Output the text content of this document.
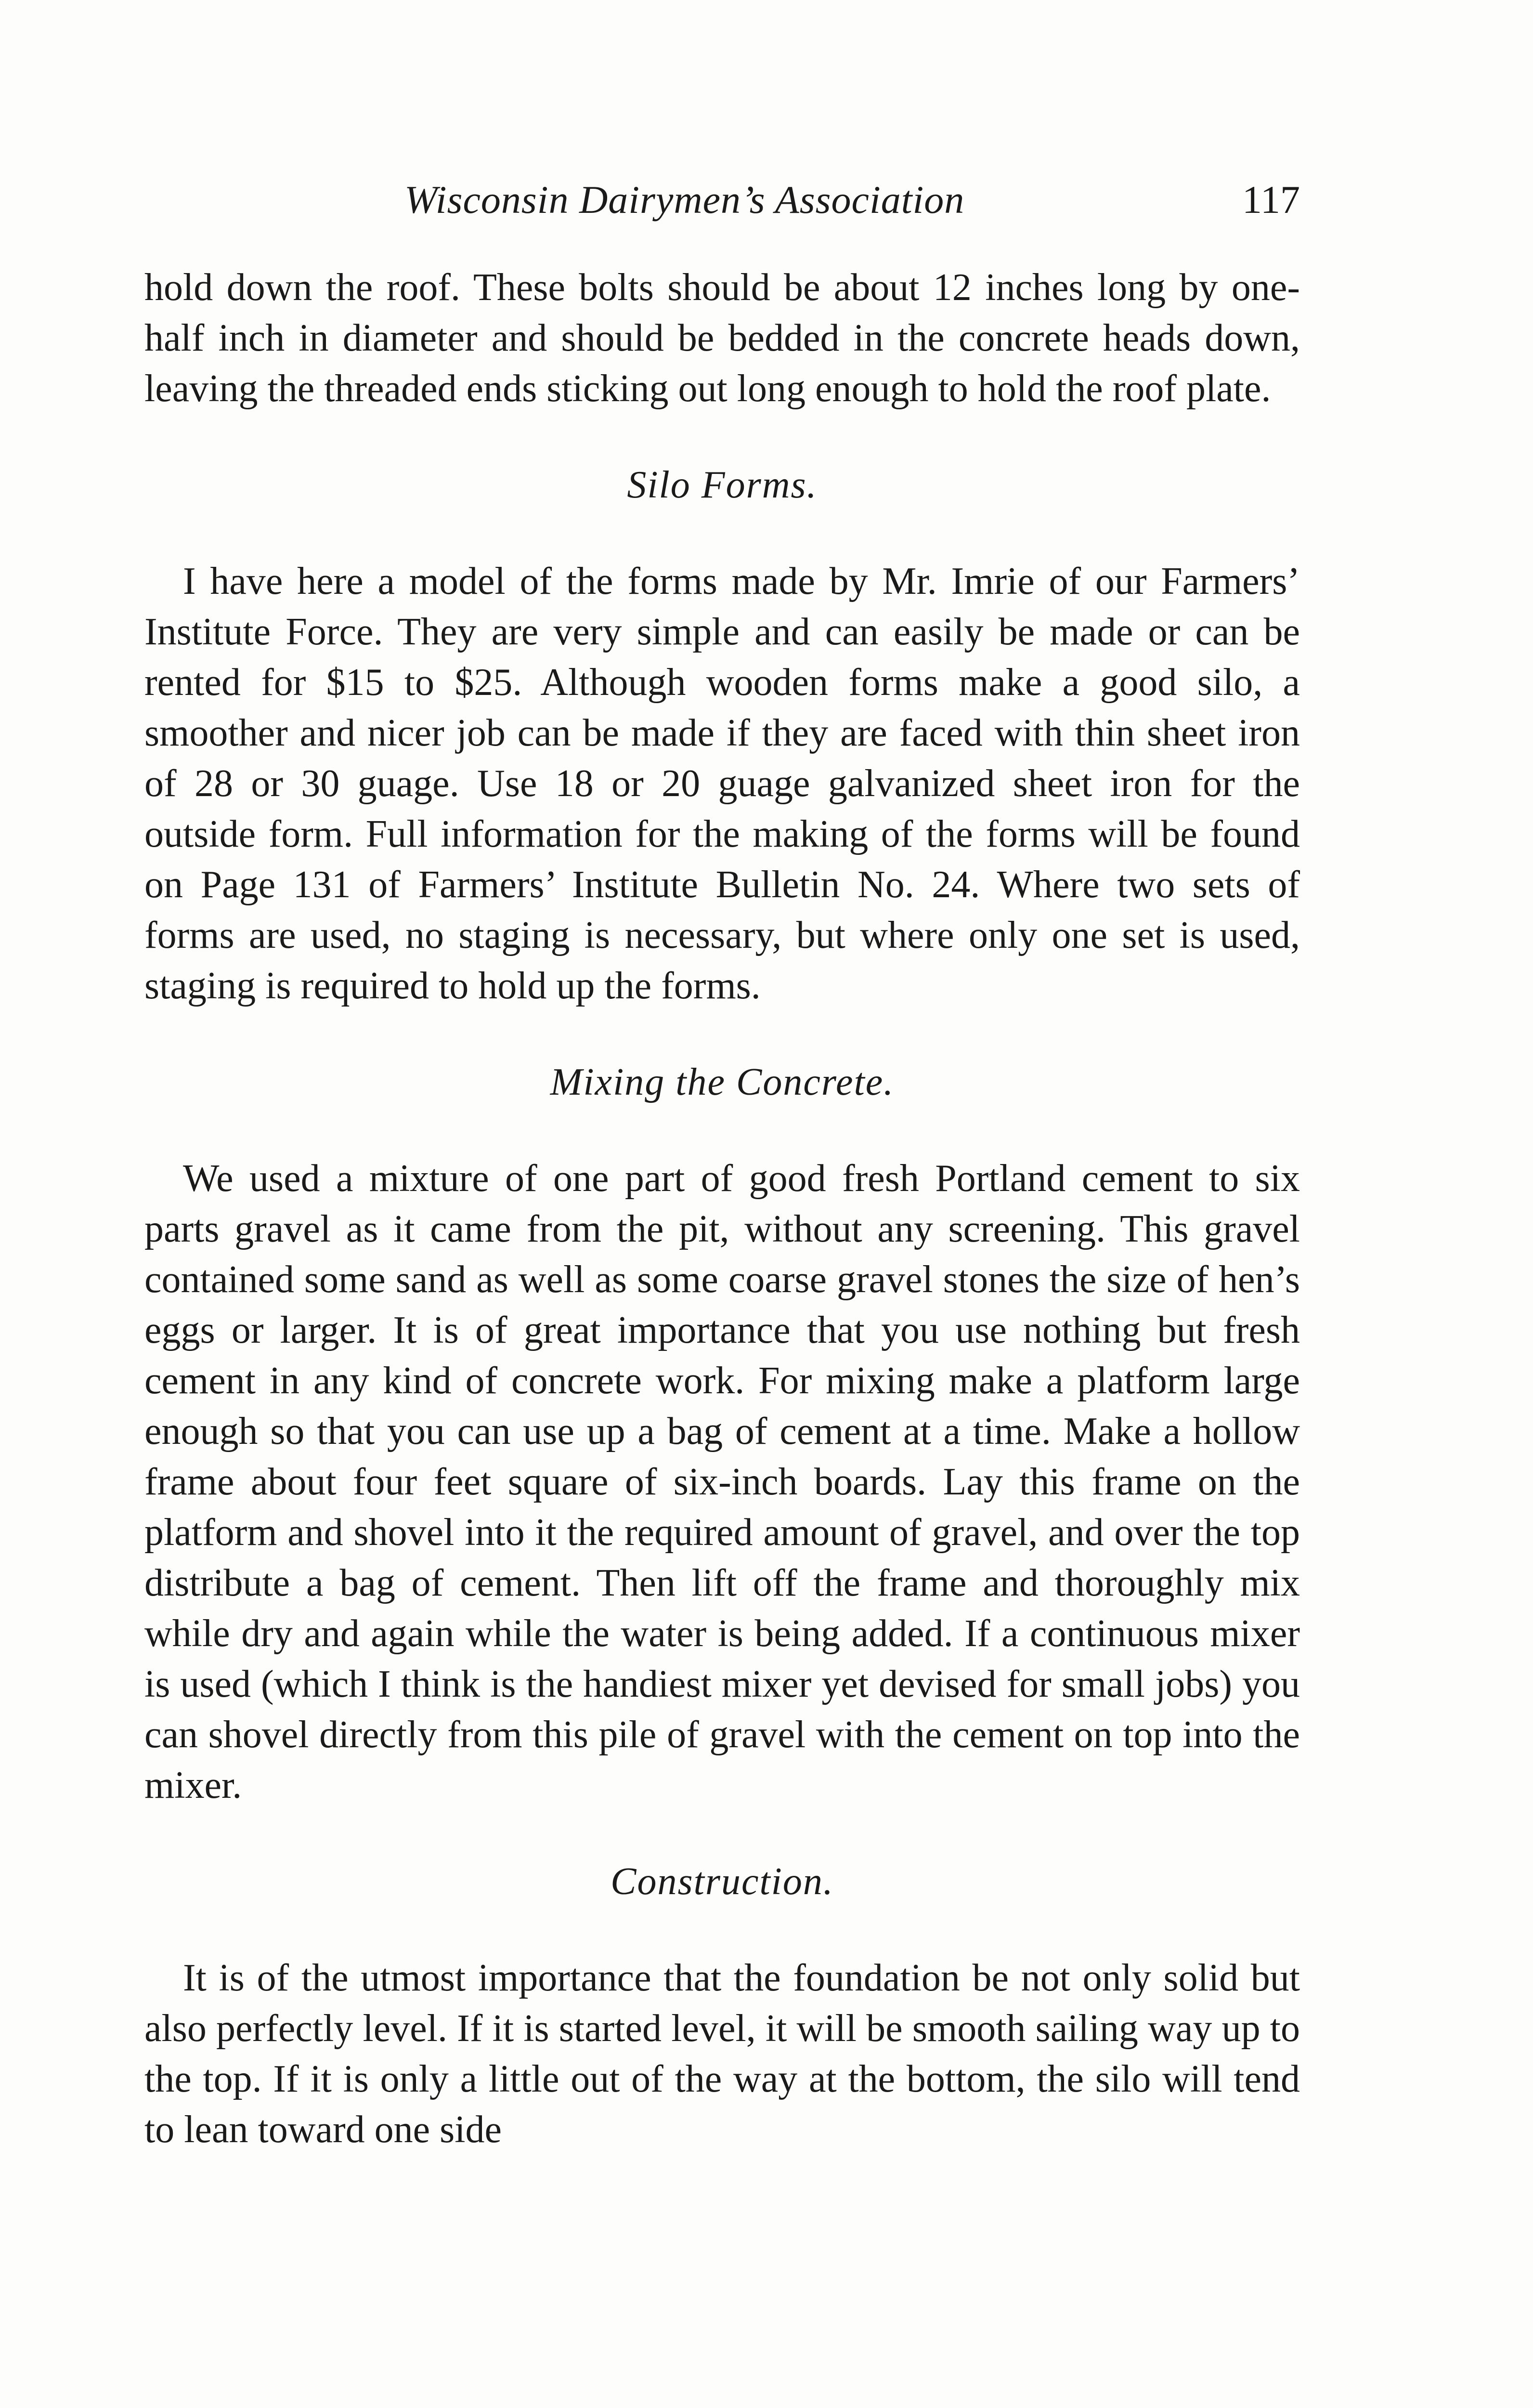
Wisconsin Dairymen’s Association	117

hold down the roof. These bolts should be about 12 inches long by one-half inch in diameter and should be bedded in the concrete heads down, leaving the threaded ends sticking out long enough to hold the roof plate.

Silo Forms.

I have here a model of the forms made by Mr. Imrie of our Farmers’ Institute Force. They are very simple and can easily be made or can be rented for $15 to $25. Although wooden forms make a good silo, a smoother and nicer job can be made if they are faced with thin sheet iron of 28 or 30 guage. Use 18 or 20 guage galvanized sheet iron for the outside form. Full information for the making of the forms will be found on Page 131 of Farmers’ Institute Bulletin No. 24. Where two sets of forms are used, no staging is necessary, but where only one set is used, staging is required to hold up the forms.

Mixing the Concrete.

We used a mixture of one part of good fresh Portland cement to six parts gravel as it came from the pit, without any screening. This gravel contained some sand as well as some coarse gravel stones the size of hen’s eggs or larger. It is of great importance that you use nothing but fresh cement in any kind of concrete work. For mixing make a platform large enough so that you can use up a bag of cement at a time. Make a hollow frame about four feet square of six-inch boards. Lay this frame on the platform and shovel into it the required amount of gravel, and over the top distribute a bag of cement. Then lift off the frame and thoroughly mix while dry and again while the water is being added. If a continuous mixer is used (which I think is the handiest mixer yet devised for small jobs) you can shovel directly from this pile of gravel with the cement on top into the mixer.

Construction.

It is of the utmost importance that the foundation be not only solid but also perfectly level. If it is started level, it will be smooth sailing way up to the top. If it is only a little out of the way at the bottom, the silo will tend to lean toward one side
